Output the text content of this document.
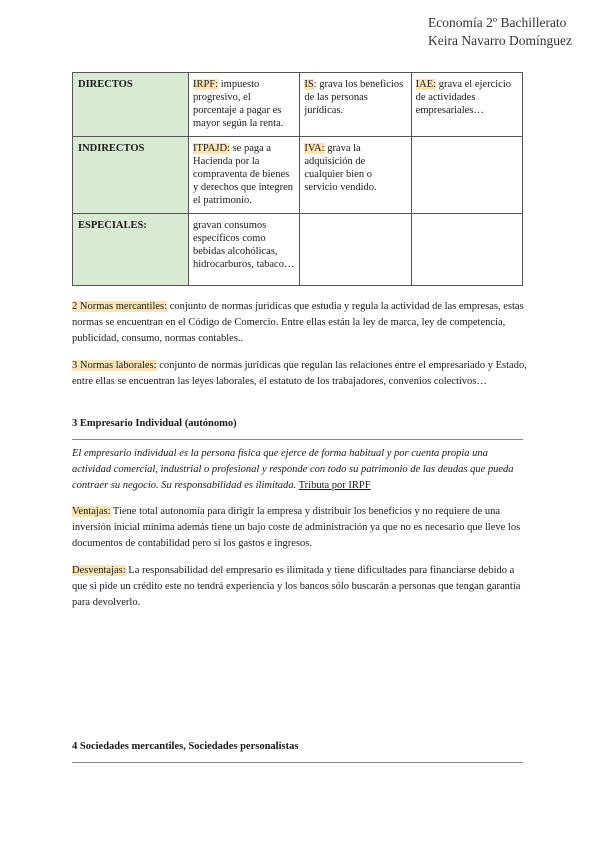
Economía 2º Bachillerato
Keira Navarro Domínguez
DIRECTOS	IRPF: impuesto progresivo, el porcentaje a pagar es mayor según la renta.	IS: grava los beneficios de las personas jurídicas.	IAE: grava el ejercicio de actividades empresariales…
INDIRECTOS	ITPAJD: se paga a Hacienda por la compraventa de bienes y derechos que integren el patrimonio.	IVA: grava la adquisición de cualquier bien o servicio vendido.	
ESPECIALES:	gravan consumos específicos como bebidas alcohólicas, hidrocarburos, tabaco…		
2 Normas mercantiles: conjunto de normas jurídicas que estudia y regula la actividad de las empresas, estas normas se encuentran en el Código de Comercio. Entre ellas están la ley de marca, ley de competencia, publicidad, consumo, normas contables..
3 Normas laborales: conjunto de normas jurídicas que regulan las relaciones entre el empresariado y Estado, entre ellas se encuentran las leyes laborales, el estatuto de los trabajadores, convenios colectivos…
3 Empresario Individual (autónomo)
El empresario individual es la persona física que ejerce de forma habitual y por cuenta propia una actividad comercial, industrial o profesional y responde con todo su patrimonio de las deudas que pueda contraer su negocio. Su responsabilidad es ilimitada. Tributa por IRPF
Ventajas: Tiene total autonomía para dirigir la empresa y distribuir los beneficios y no requiere de una inversión inicial mínima además tiene un bajo coste de administración ya que no es necesario que lleve los documentos de contabilidad pero sí los gastos e ingresos.
Desventajas: La responsabilidad del empresario es ilimitada y tiene dificultades para financiarse debido a que si pide un crédito este no tendrá experiencia y los bancos sólo buscarán a personas que tengan garantía para devolverlo.
4 Sociedades mercantiles, Sociedades personalistas
